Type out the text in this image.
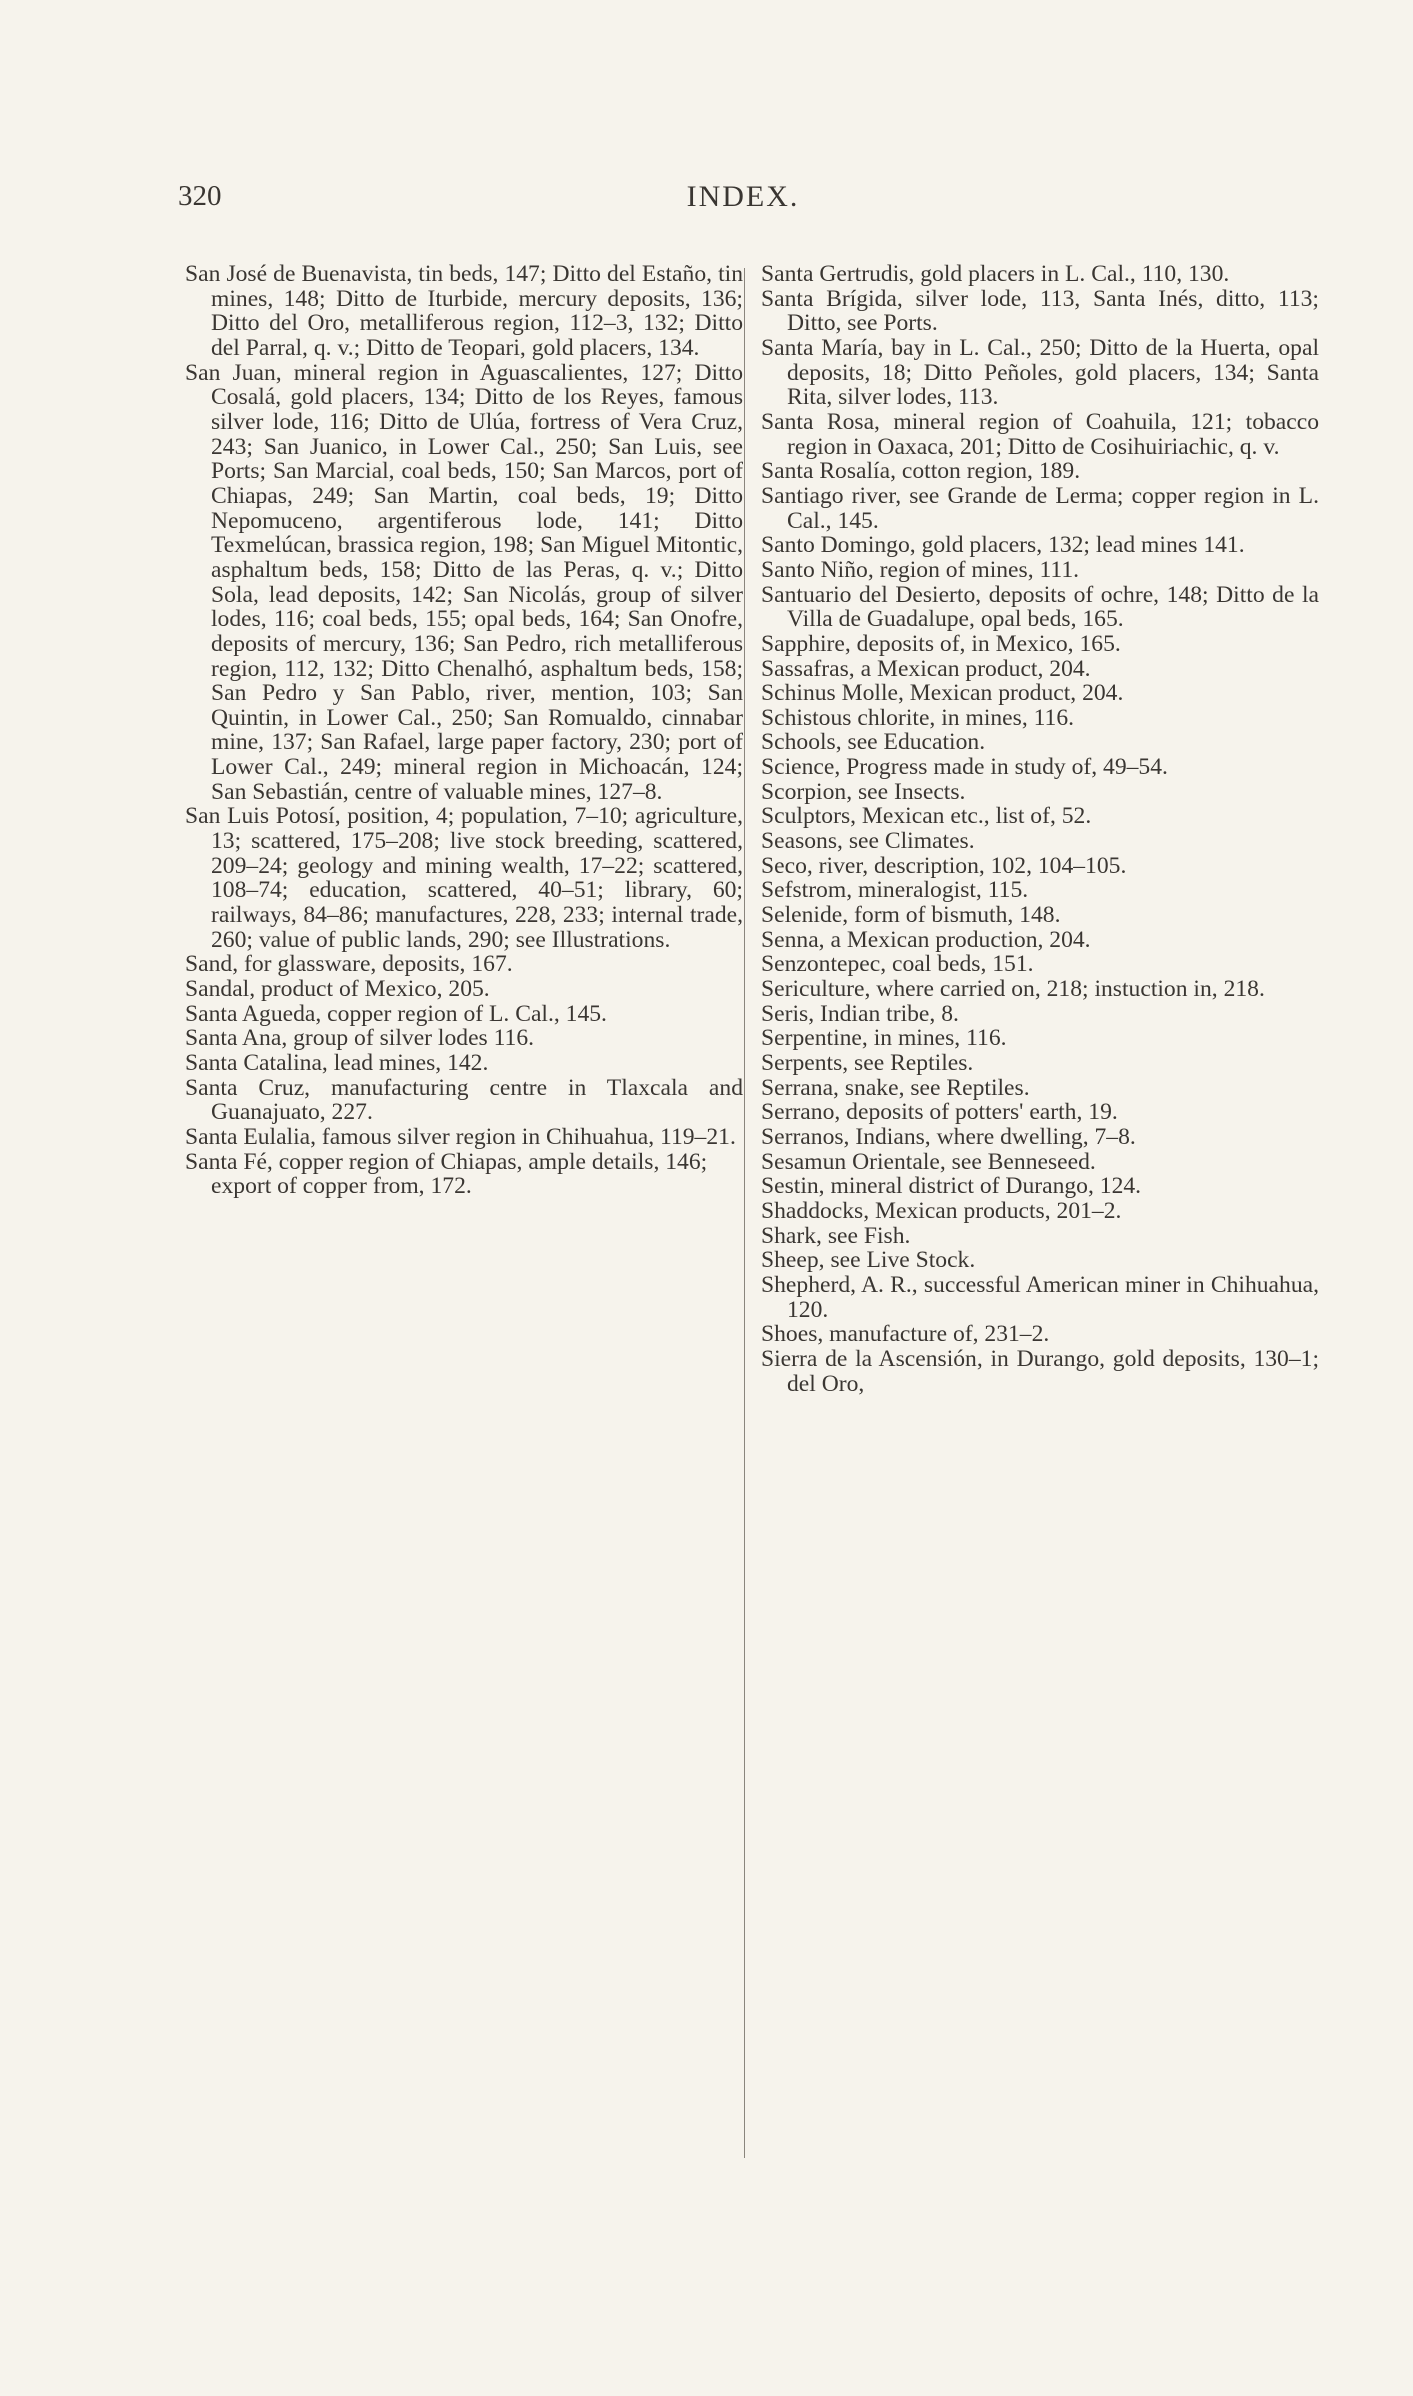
320	INDEX.

San José de Buenavista, tin beds, 147; Ditto del Estaño, tin mines, 148; Ditto de Iturbide, mercury deposits, 136; Ditto del Oro, metalliferous region, 112–3, 132; Ditto del Parral, q. v.; Ditto de Teopari, gold placers, 134.

San Juan, mineral region in Aguascalientes, 127; Ditto Cosalá, gold placers, 134; Ditto de los Reyes, famous silver lode, 116; Ditto de Ulúa, fortress of Vera Cruz, 243; San Juanico, in Lower Cal., 250; San Luis, see Ports; San Marcial, coal beds, 150; San Marcos, port of Chiapas, 249; San Martin, coal beds, 19; Ditto Nepomuceno, argentiferous lode, 141; Ditto Texmelúcan, brassica region, 198; San Miguel Mitontic, asphaltum beds, 158; Ditto de las Peras, q. v.; Ditto Sola, lead deposits, 142; San Nicolás, group of silver lodes, 116; coal beds, 155; opal beds, 164; San Onofre, deposits of mercury, 136; San Pedro, rich metalliferous region, 112, 132; Ditto Chenalhó, asphaltum beds, 158; San Pedro y San Pablo, river, mention, 103; San Quintin, in Lower Cal., 250; San Romualdo, cinnabar mine, 137; San Rafael, large paper factory, 230; port of Lower Cal., 249; mineral region in Michoacán, 124; San Sebastián, centre of valuable mines, 127–8.

San Luis Potosí, position, 4; population, 7–10; agriculture, 13; scattered, 175–208; live stock breeding, scattered, 209–24; geology and mining wealth, 17–22; scattered, 108–74; education, scattered, 40–51; library, 60; railways, 84–86; manufactures, 228, 233; internal trade, 260; value of public lands, 290; see Illustrations.

Sand, for glassware, deposits, 167.

Sandal, product of Mexico, 205.

Santa Agueda, copper region of L. Cal., 145.

Santa Ana, group of silver lodes 116.

Santa Catalina, lead mines, 142.

Santa Cruz, manufacturing centre in Tlaxcala and Guanajuato, 227.

Santa Eulalia, famous silver region in Chihuahua, 119–21.

Santa Fé, copper region of Chiapas, ample details, 146; export of copper from, 172.

Santa Gertrudis, gold placers in L. Cal., 110, 130.

Santa Brígida, silver lode, 113, Santa Inés, ditto, 113; Ditto, see Ports.

Santa María, bay in L. Cal., 250; Ditto de la Huerta, opal deposits, 18; Ditto Peñoles, gold placers, 134; Santa Rita, silver lodes, 113.

Santa Rosa, mineral region of Coahuila, 121; tobacco region in Oaxaca, 201; Ditto de Cosihuiriachic, q. v.

Santa Rosalía, cotton region, 189.

Santiago river, see Grande de Lerma; copper region in L. Cal., 145.

Santo Domingo, gold placers, 132; lead mines 141.

Santo Niño, region of mines, 111.

Santuario del Desierto, deposits of ochre, 148; Ditto de la Villa de Guadalupe, opal beds, 165.

Sapphire, deposits of, in Mexico, 165.

Sassafras, a Mexican product, 204.

Schinus Molle, Mexican product, 204.

Schistous chlorite, in mines, 116.

Schools, see Education.

Science, Progress made in study of, 49–54.

Scorpion, see Insects.

Sculptors, Mexican etc., list of, 52.

Seasons, see Climates.

Seco, river, description, 102, 104–105.

Sefstrom, mineralogist, 115.

Selenide, form of bismuth, 148.

Senna, a Mexican production, 204.

Senzontepec, coal beds, 151.

Sericulture, where carried on, 218; instuction in, 218.

Seris, Indian tribe, 8.

Serpentine, in mines, 116.

Serpents, see Reptiles.

Serrana, snake, see Reptiles.

Serrano, deposits of potters' earth, 19.

Serranos, Indians, where dwelling, 7–8.

Sesamun Orientale, see Benneseed.

Sestin, mineral district of Durango, 124.

Shaddocks, Mexican products, 201–2.

Shark, see Fish.

Sheep, see Live Stock.

Shepherd, A. R., successful American miner in Chihuahua, 120.

Shoes, manufacture of, 231–2.

Sierra de la Ascensión, in Durango, gold deposits, 130–1; del Oro,
